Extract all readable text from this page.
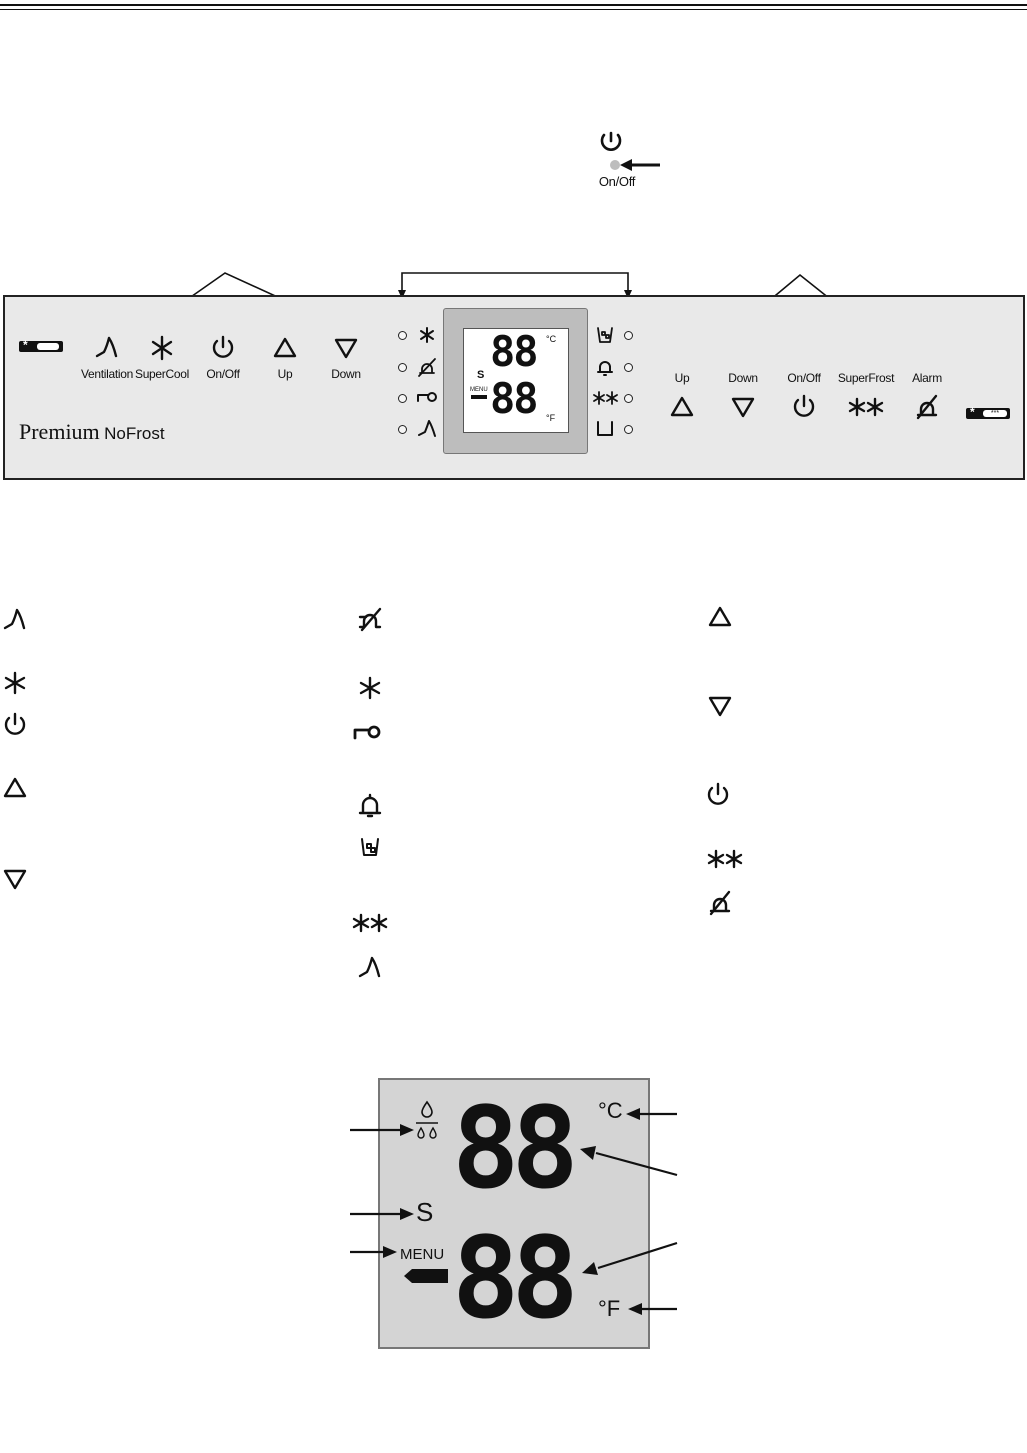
On/Off
*
Ventilation SuperCool	On/Off	Up	Down
Premium NoFrost
88
88
°C
°F
S
MENU
Up	Down	On/Off	SuperFrost	Alarm
*	***
88
88
°C
°F
S
MENU
